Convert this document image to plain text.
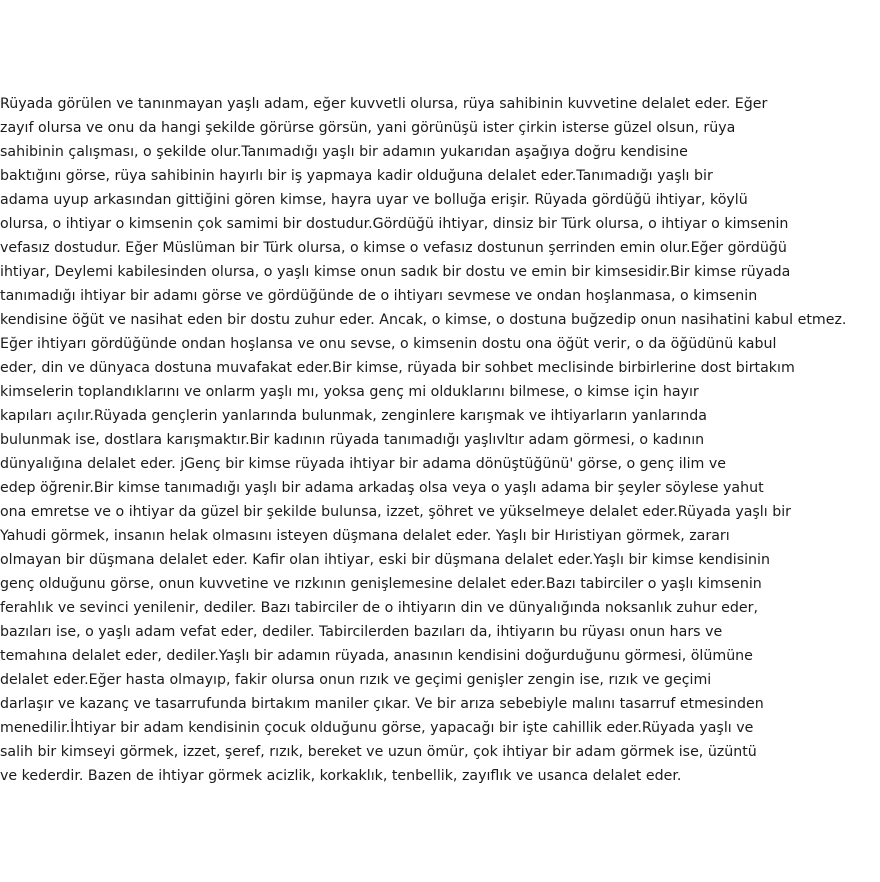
Rüyada görülen ve tanınmayan yaşlı adam, eğer kuvvetli olursa, rüya sahibinin kuvvetine delalet eder. Eğer
zayıf olursa ve onu da hangi şekilde görürse görsün, yani görünüşü ister çirkin isterse güzel olsun, rüya
sahibinin çalışması, o şekilde olur.Tanımadığı yaşlı bir adamın yukarıdan aşağıya doğru kendisine
baktığını görse, rüya sahibinin hayırlı bir iş yapmaya kadir olduğuna delalet eder.Tanımadığı yaşlı bir
adama uyup arkasından gittiğini gören kimse, hayra uyar ve bolluğa erişir. Rüyada gördüğü ihtiyar, köylü
olursa, o ihtiyar o kimsenin çok samimi bir dostudur.Gördüğü ihtiyar, dinsiz bir Türk olursa, o ihtiyar o kimsenin
vefasız dostudur. Eğer Müslüman bir Türk olursa, o kimse o vefasız dostunun şerrinden emin olur.Eğer gördüğü
ihtiyar, Deylemi kabilesinden olursa, o yaşlı kimse onun sadık bir dostu ve emin bir kimsesidir.Bir kimse rüyada
tanımadığı ihtiyar bir adamı görse ve gördüğünde de o ihtiyarı sevmese ve ondan hoşlanmasa, o kimsenin
kendisine öğüt ve nasihat eden bir dostu zuhur eder. Ancak, o kimse, o dostuna buğzedip onun nasihatini kabul etmez.
Eğer ihtiyarı gördüğünde ondan hoşlansa ve onu sevse, o kimsenin dostu ona öğüt verir, o da öğüdünü kabul
eder, din ve dünyaca dostuna muvafakat eder.Bir kimse, rüyada bir sohbet meclisinde birbirlerine dost birtakım
kimselerin toplandıklarını ve onlarm yaşlı mı, yoksa genç mi olduklarını bilmese, o kimse için hayır
kapıları açılır.Rüyada gençlerin yanlarında bulunmak, zenginlere karışmak ve ihtiyarların yanlarında
bulunmak ise, dostlara karışmaktır.Bir kadının rüyada tanımadığı yaşlıvltır adam görmesi, o kadının
dünyalığına delalet eder. jGenç bir kimse rüyada ihtiyar bir adama dönüştüğünü' görse, o genç ilim ve
edep öğrenir.Bir kimse tanımadığı yaşlı bir adama arkadaş olsa veya o yaşlı adama bir şeyler söylese yahut
ona emretse ve o ihtiyar da güzel bir şekilde bulunsa, izzet, şöhret ve yükselmeye delalet eder.Rüyada yaşlı bir
Yahudi görmek, insanın helak olmasını isteyen düşmana delalet eder. Yaşlı bir Hıristiyan görmek, zararı
olmayan bir düşmana delalet eder. Kafir olan ihtiyar, eski bir düşmana delalet eder.Yaşlı bir kimse kendisinin
genç olduğunu görse, onun kuvvetine ve rızkının genişlemesine delalet eder.Bazı tabirciler o yaşlı kimsenin
ferahlık ve sevinci yenilenir, dediler. Bazı tabirciler de o ihtiyarın din ve dünyalığında noksanlık zuhur eder,
bazıları ise, o yaşlı adam vefat eder, dediler. Tabircilerden bazıları da, ihtiyarın bu rüyası onun hars ve
temahına delalet eder, dediler.Yaşlı bir adamın rüyada, anasının kendisini doğurduğunu görmesi, ölümüne
delalet eder.Eğer hasta olmayıp, fakir olursa onun rızık ve geçimi genişler zengin ise, rızık ve geçimi
darlaşır ve kazanç ve tasarrufunda birtakım maniler çıkar. Ve bir arıza sebebiyle malını tasarruf etmesinden
menedilir.İhtiyar bir adam kendisinin çocuk olduğunu görse, yapacağı bir işte cahillik eder.Rüyada yaşlı ve
salih bir kimseyi görmek, izzet, şeref, rızık, bereket ve uzun ömür, çok ihtiyar bir adam görmek ise, üzüntü
ve kederdir. Bazen de ihtiyar görmek acizlik, korkaklık, tenbellik, zayıflık ve usanca delalet eder.
